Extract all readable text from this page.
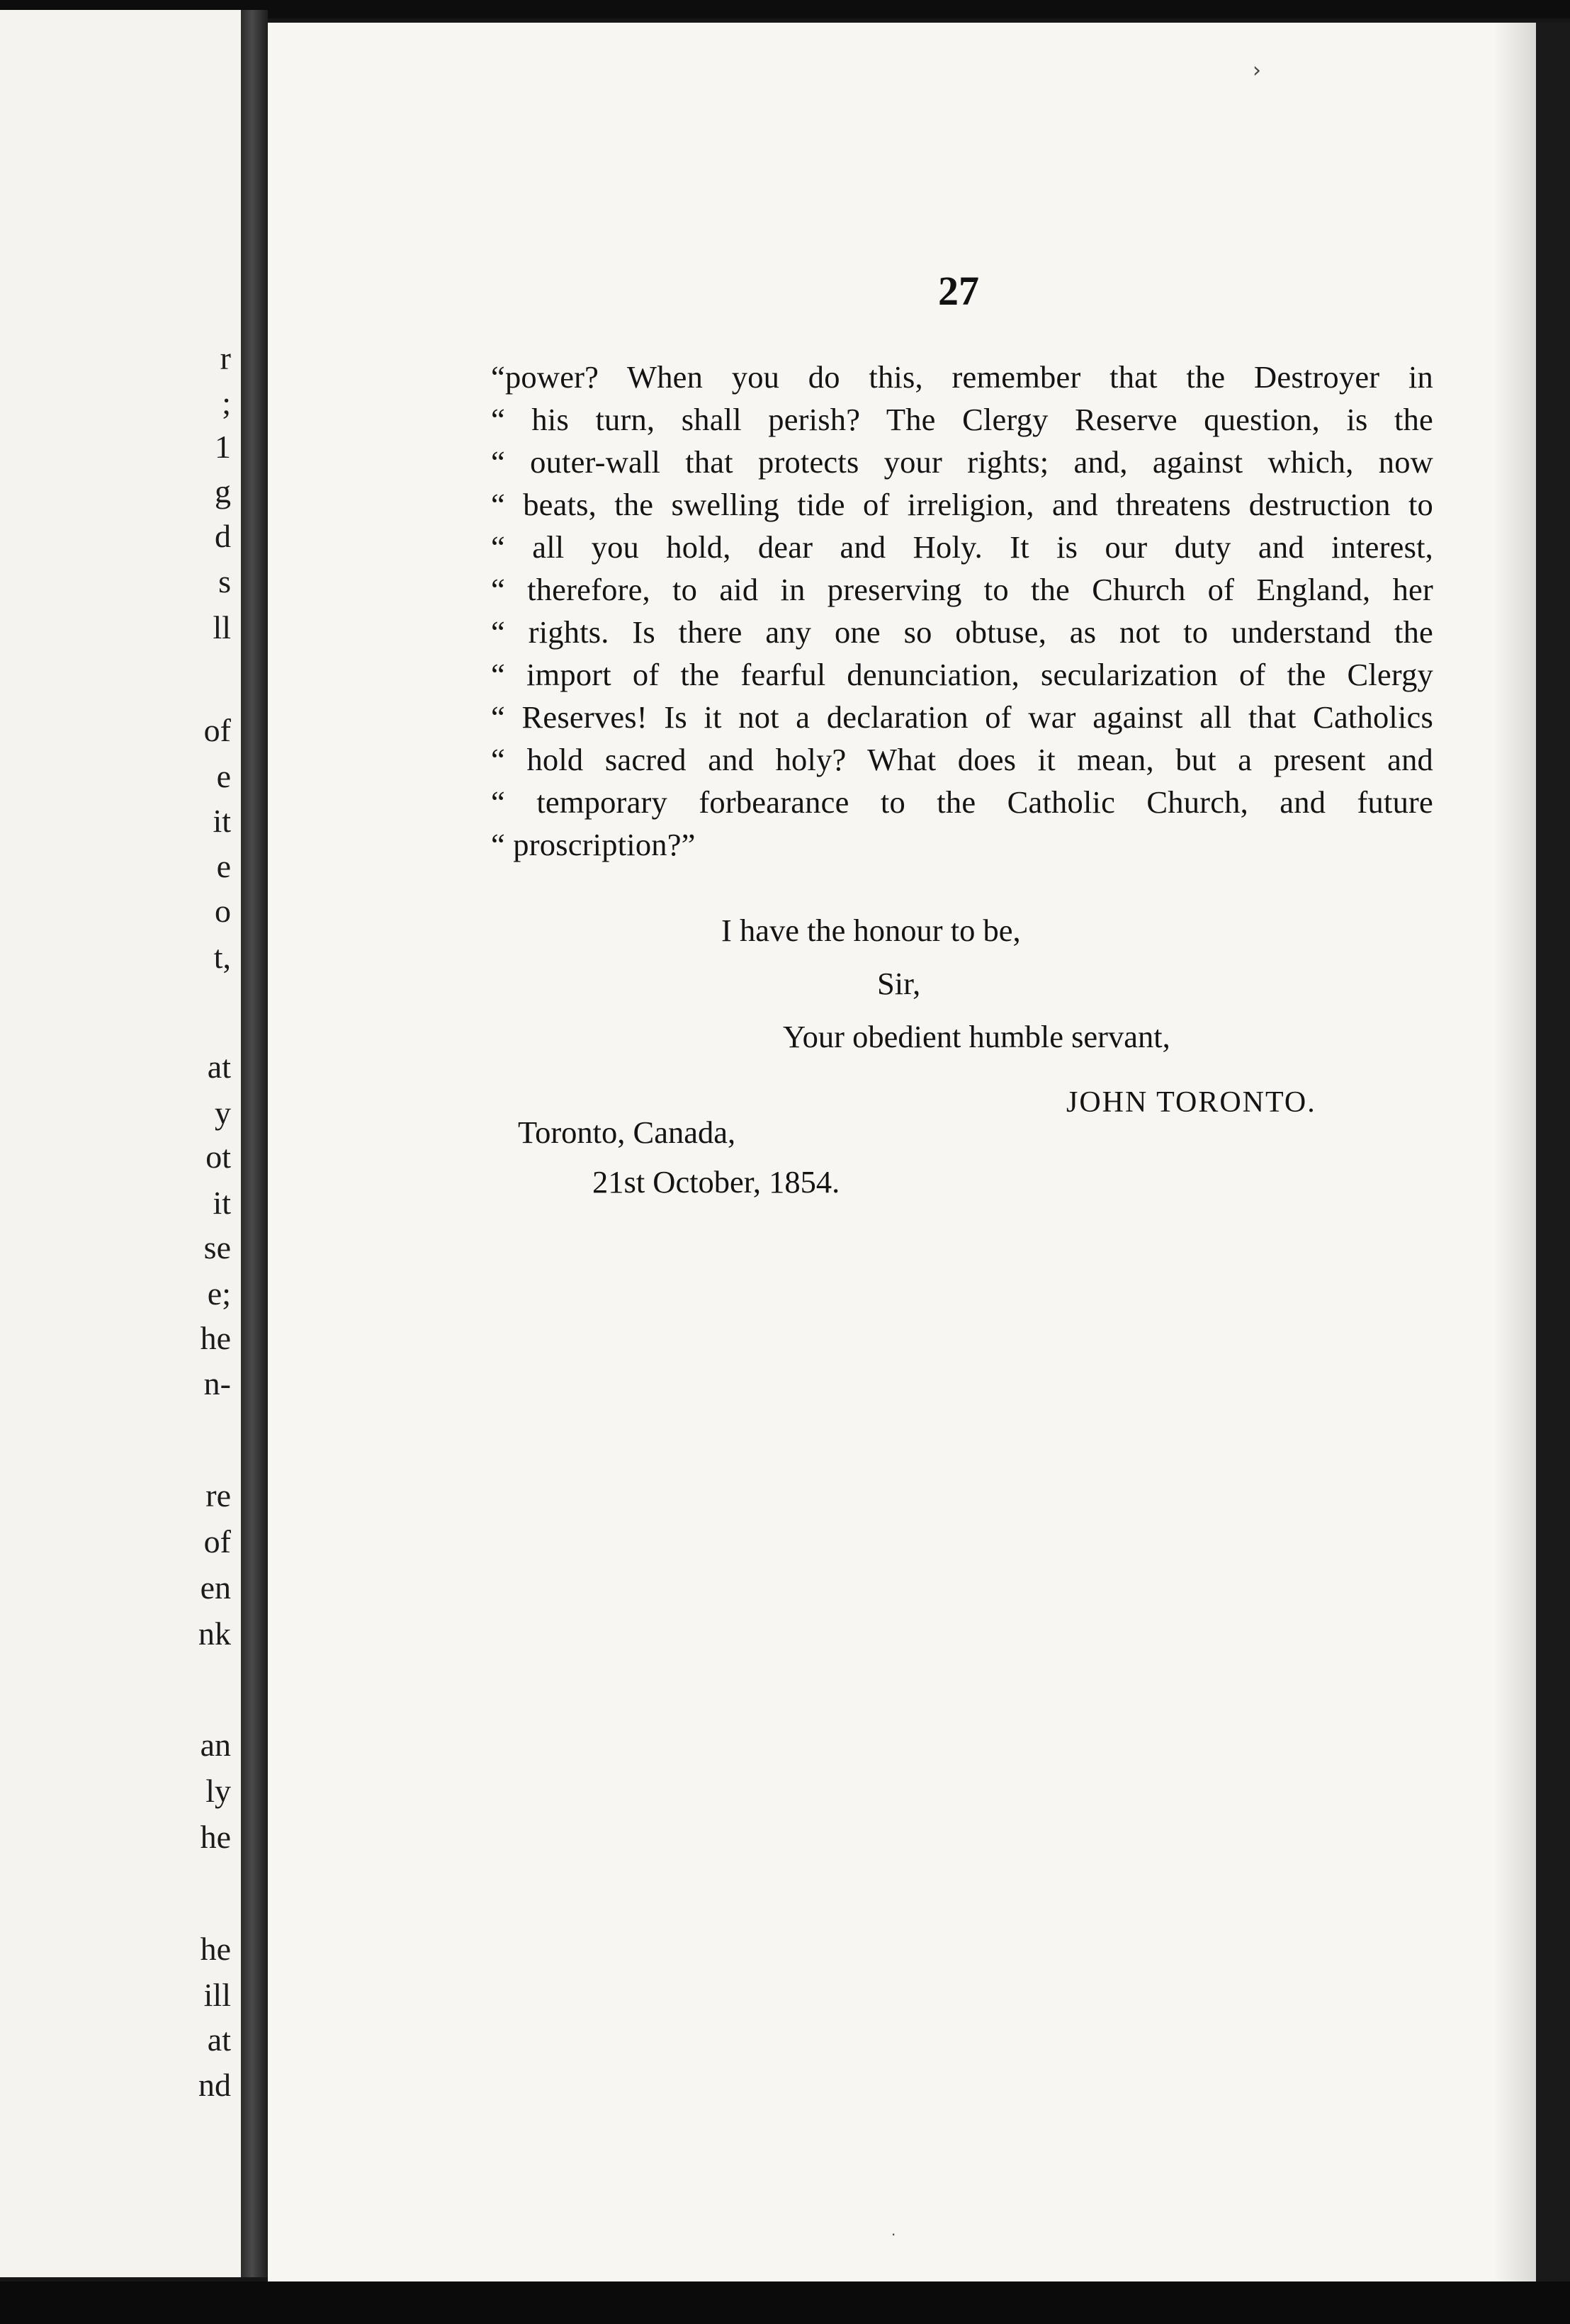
r
;
1
g
d
s
ll
of
e
it
e
o
t,
at
y
ot
it
se
e;
he
n-
re
of
en
nk
an
ly
he
he
ill
at
nd
›
27
“power? When you do this, remember that the Destroyer in
“ his turn, shall perish? The Clergy Reserve question, is the
“ outer-wall that protects your rights; and, against which, now
“ beats, the swelling tide of irreligion, and threatens destruction to
“ all you hold, dear and Holy. It is our duty and interest,
“ therefore, to aid in preserving to the Church of England, her
“ rights. Is there any one so obtuse, as not to understand the
“ import of the fearful denunciation, secularization of the Clergy
“ Reserves! Is it not a declaration of war against all that Catholics
“ hold sacred and holy? What does it mean, but a present and
“ temporary forbearance to the Catholic Church, and future
“ proscription?”
I have the honour to be,
Sir,
Your obedient humble servant,
JOHN TORONTO.
Toronto, Canada,
21st October, 1854.
·
